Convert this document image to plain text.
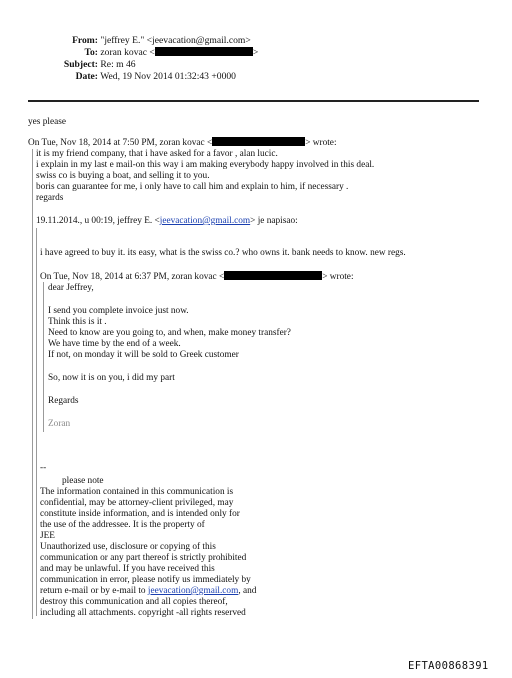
From: "jeffrey E." <jeevacation@gmail.com>
To: zoran kovac <	>
Subject: Re: m 46
Date: Wed, 19 Nov 2014 01:32:43 +0000
yes please
On Tue, Nov 18, 2014 at 7:50 PM, zoran kovac <	> wrote:
it is my friend company, that i have asked for a favor , alan lucic.
i explain in my last e mail-on this way i am making everybody happy involved in this deal.
swiss co is buying a boat, and selling it to you.
boris can guarantee for me, i only have to call him and explain to him, if necessary .
regards
19.11.2014., u 00:19, jeffrey E. <jeevacation@gmail.com> je napisao:
i have agreed to buy it. its easy, what is the swiss co.? who owns it. bank needs to know. new regs.
On Tue, Nov 18, 2014 at 6:37 PM, zoran kovac <	> wrote:
dear Jeffrey,
I send you complete invoice just now.
Think this is it .
Need to know are you going to, and when, make money transfer?
We have time by the end of a week.
If not, on monday it will be sold to Greek customer
So, now it is on you, i did my part
Regards
Zoran
--
please note
The information contained in this communication is
confidential, may be attorney-client privileged, may
constitute inside information, and is intended only for
the use of the addressee. It is the property of
JEE
Unauthorized use, disclosure or copying of this
communication or any part thereof is strictly prohibited
and may be unlawful. If you have received this
communication in error, please notify us immediately by
return e-mail or by e-mail to jeevacation@gmail.com, and
destroy this communication and all copies thereof,
including all attachments. copyright -all rights reserved
EFTA00868391
